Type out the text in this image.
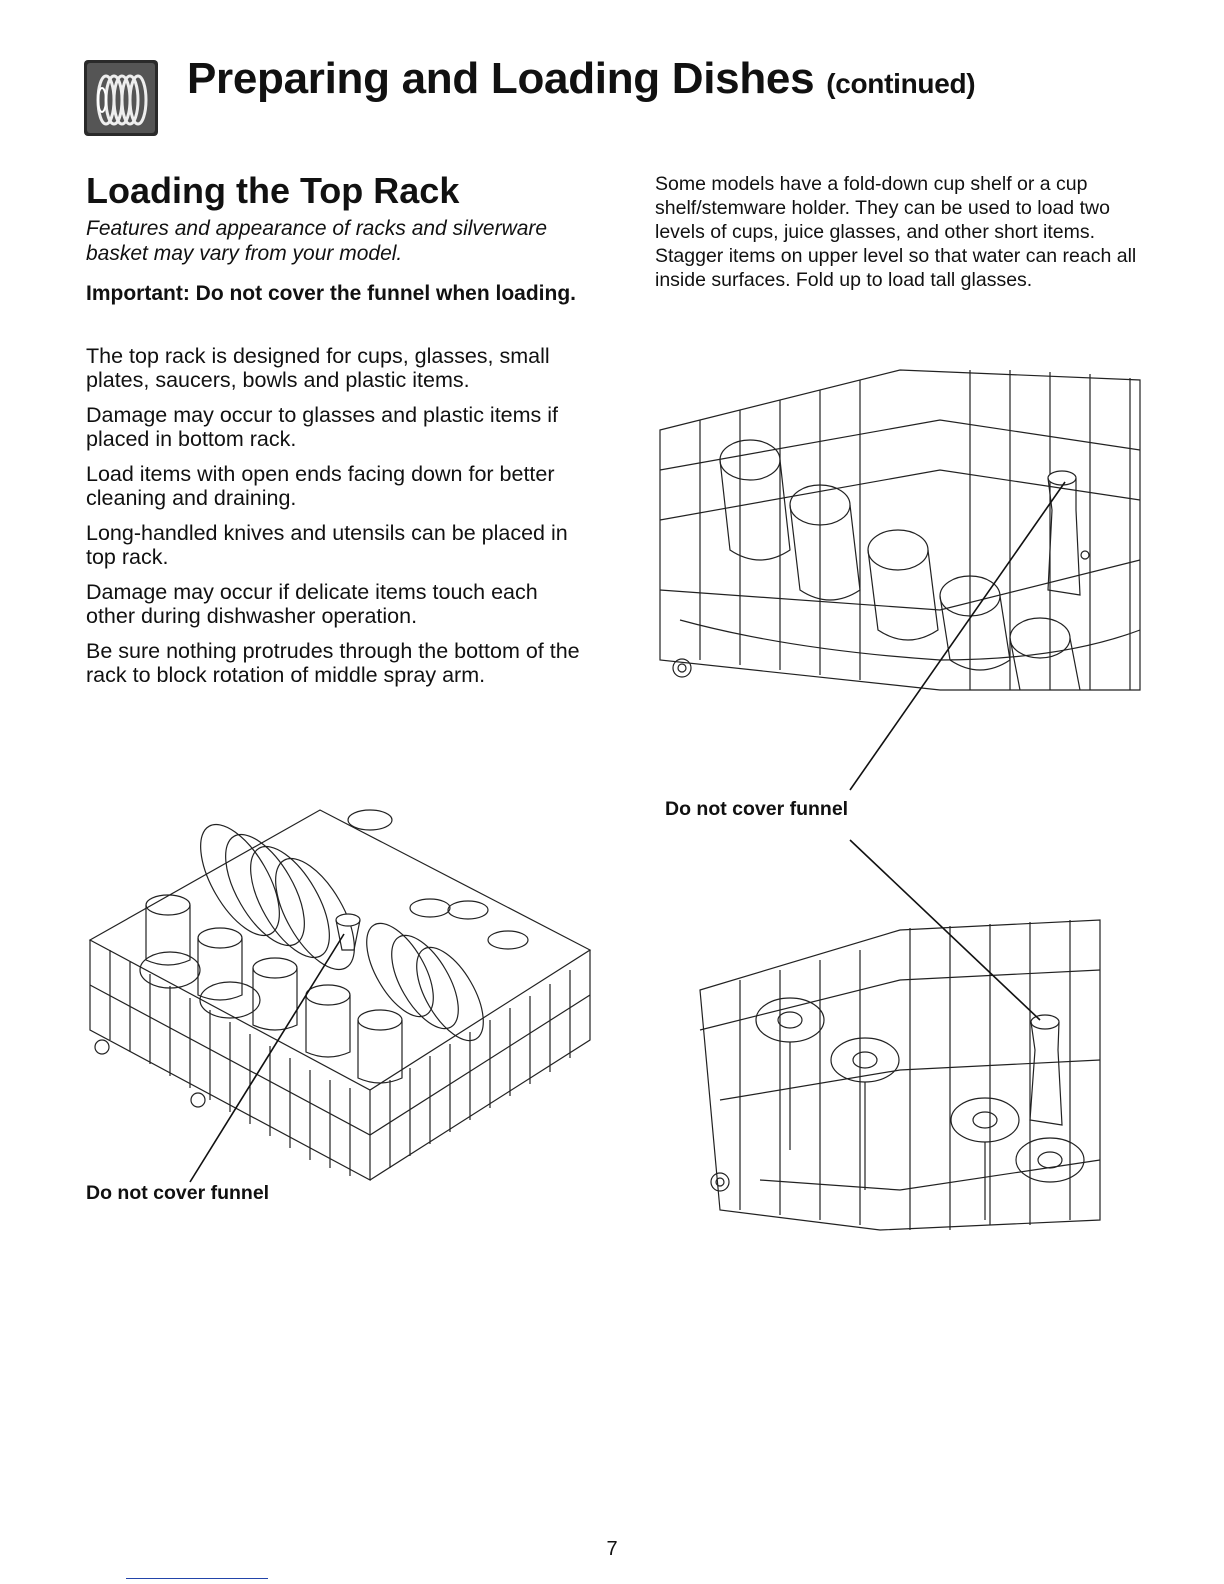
Preparing and Loading Dishes (continued)
Loading the Top Rack

Features and appearance of racks and silverware basket may vary from your model.

Important: Do not cover the funnel when loading.

The top rack is designed for cups, glasses, small plates, saucers, bowls and plastic items.

Damage may occur to glasses and plastic items if placed in bottom rack.

Load items with open ends facing down for better cleaning and draining.

Long-handled knives and utensils can be placed in top rack.

Damage may occur if delicate items touch each other during dishwasher operation.

Be sure nothing protrudes through the bottom of the rack to block rotation of middle spray arm.

Some models have a fold-down cup shelf or a cup shelf/stemware holder. They can be used to load two levels of cups, juice glasses, and other short items. Stagger items on upper level so that water can reach all inside surfaces. Fold up to load tall glasses.

Do not cover funnel

Do not cover funnel

7
